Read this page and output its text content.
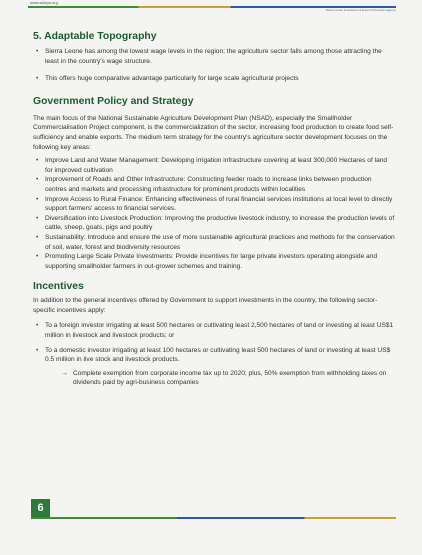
www.slieipa.org
Sierra Leone Investment & Export Promotion Agency
5. Adaptable Topography
• Sierra Leone has among the lowest wage levels in the region; the agriculture sector falls among those attracting the least in the country's wage structure.
• This offers huge comparative advantage particularly for large scale agricultural projects
Government Policy and Strategy

The main focus of the National Sustainable Agriculture Development Plan (NSAD), especially the Smallholder Commercialisation Project component, is the commercialization of the sector, increasing food production to create food self-sufficiency and enable exports. The medium term strategy for the country's agriculture sector development focuses on the following key areas:

• Improve Land and Water Management: Developing irrigation infrastructure covering at least 300,000 Hectares of land for improved cultivation
• Improvement of Roads and Other Infrastructure: Constructing feeder roads to increase links between production centres and markets and processing infrastructure for prominent products within localities
• Improve Access to Rural Finance: Enhancing effectiveness of rural financial services institutions at local level to directly support farmers' access to financial services.
• Diversification into Livestock Production: Improving the productive livestock industry, to increase the production levels of cattle, sheep, goats, pigs and poultry
• Sustainability: Introduce and ensure the use of more sustainable agricultural practices and methods for the conservation of soil, water, forest and biodiversity resources
• Promoting Large Scale Private Investments: Provide incentives for large private investors operating alongside and supporting smallholder farmers in out-grower schemes and training.
Incentives

In addition to the general incentives offered by Government to support investments in the country, the following sector-specific incentives apply:

• To a foreign investor irrigating at least 500 hectares or cultivating least 2,500 hectares of land or investing at least US$1 million in livestock and livestock products; or
• To a domestic investor irrigating at least 100 hectares or cultivating least 500 hectares of land or investing at least US$ 0.5 million in live stock and livestock products.
→ Complete exemption from corporate income tax up to 2020; plus, 50% exemption from withholding taxes on dividends paid by agri-business companies
6
